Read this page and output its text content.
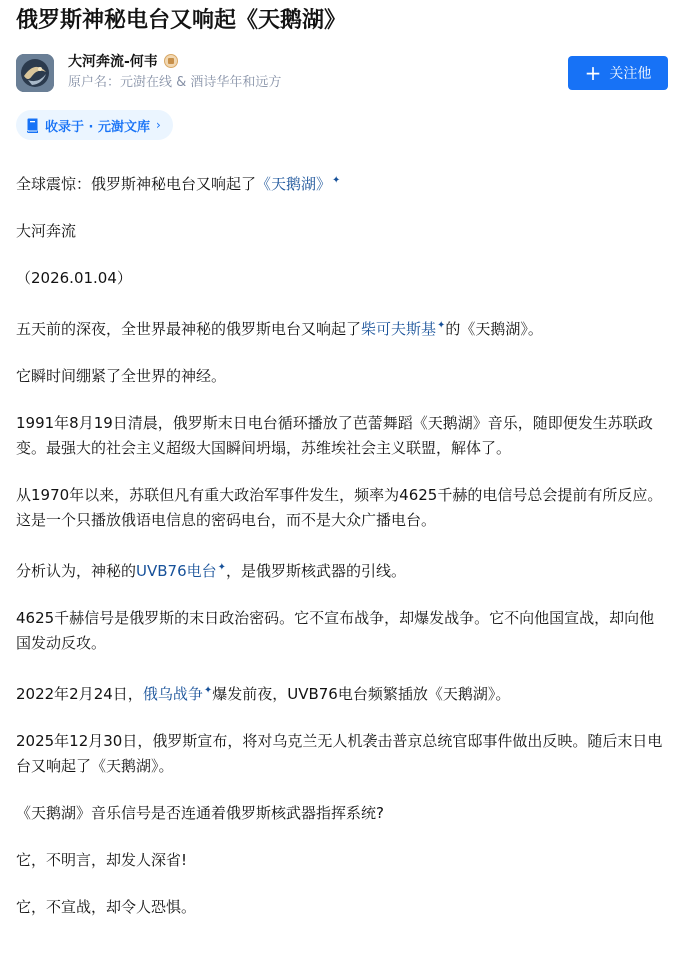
俄罗斯神秘电台又响起《天鹅湖》
大河奔流-何韦
原户名：元澍在线 & 酒诗华年和远方	+ 关注他
收录于 · 元澍文库 ›

全球震惊：俄罗斯神秘电台又响起了《天鹅湖》✦

大河奔流

（2026.01.04）

五天前的深夜，全世界最神秘的俄罗斯电台又响起了柴可夫斯基✦的《天鹅湖》。

它瞬时间绷紧了全世界的神经。

1991年8月19日清晨，俄罗斯末日电台循环播放了芭蕾舞蹈《天鹅湖》音乐，随即便发生苏联政变。最强大的社会主义超级大国瞬间坍塌，苏维埃社会主义联盟，解体了。

从1970年以来，苏联但凡有重大政治军事件发生，频率为4625千赫的电信号总会提前有所反应。这是一个只播放俄语电信息的密码电台，而不是大众广播电台。

分析认为，神秘的UVB76电台✦，是俄罗斯核武器的引线。

4625千赫信号是俄罗斯的末日政治密码。它不宣布战争，却爆发战争。它不向他国宣战，却向他国发动反攻。

2022年2月24日，俄乌战争✦爆发前夜，UVB76电台频繁插放《天鹅湖》。

2025年12月30日，俄罗斯宣布，将对乌克兰无人机袭击普京总统官邸事件做出反映。随后末日电台又响起了《天鹅湖》。

《天鹅湖》音乐信号是否连通着俄罗斯核武器指挥系统?

它，不明言，却发人深省!

它，不宣战，却令人恐惧。
